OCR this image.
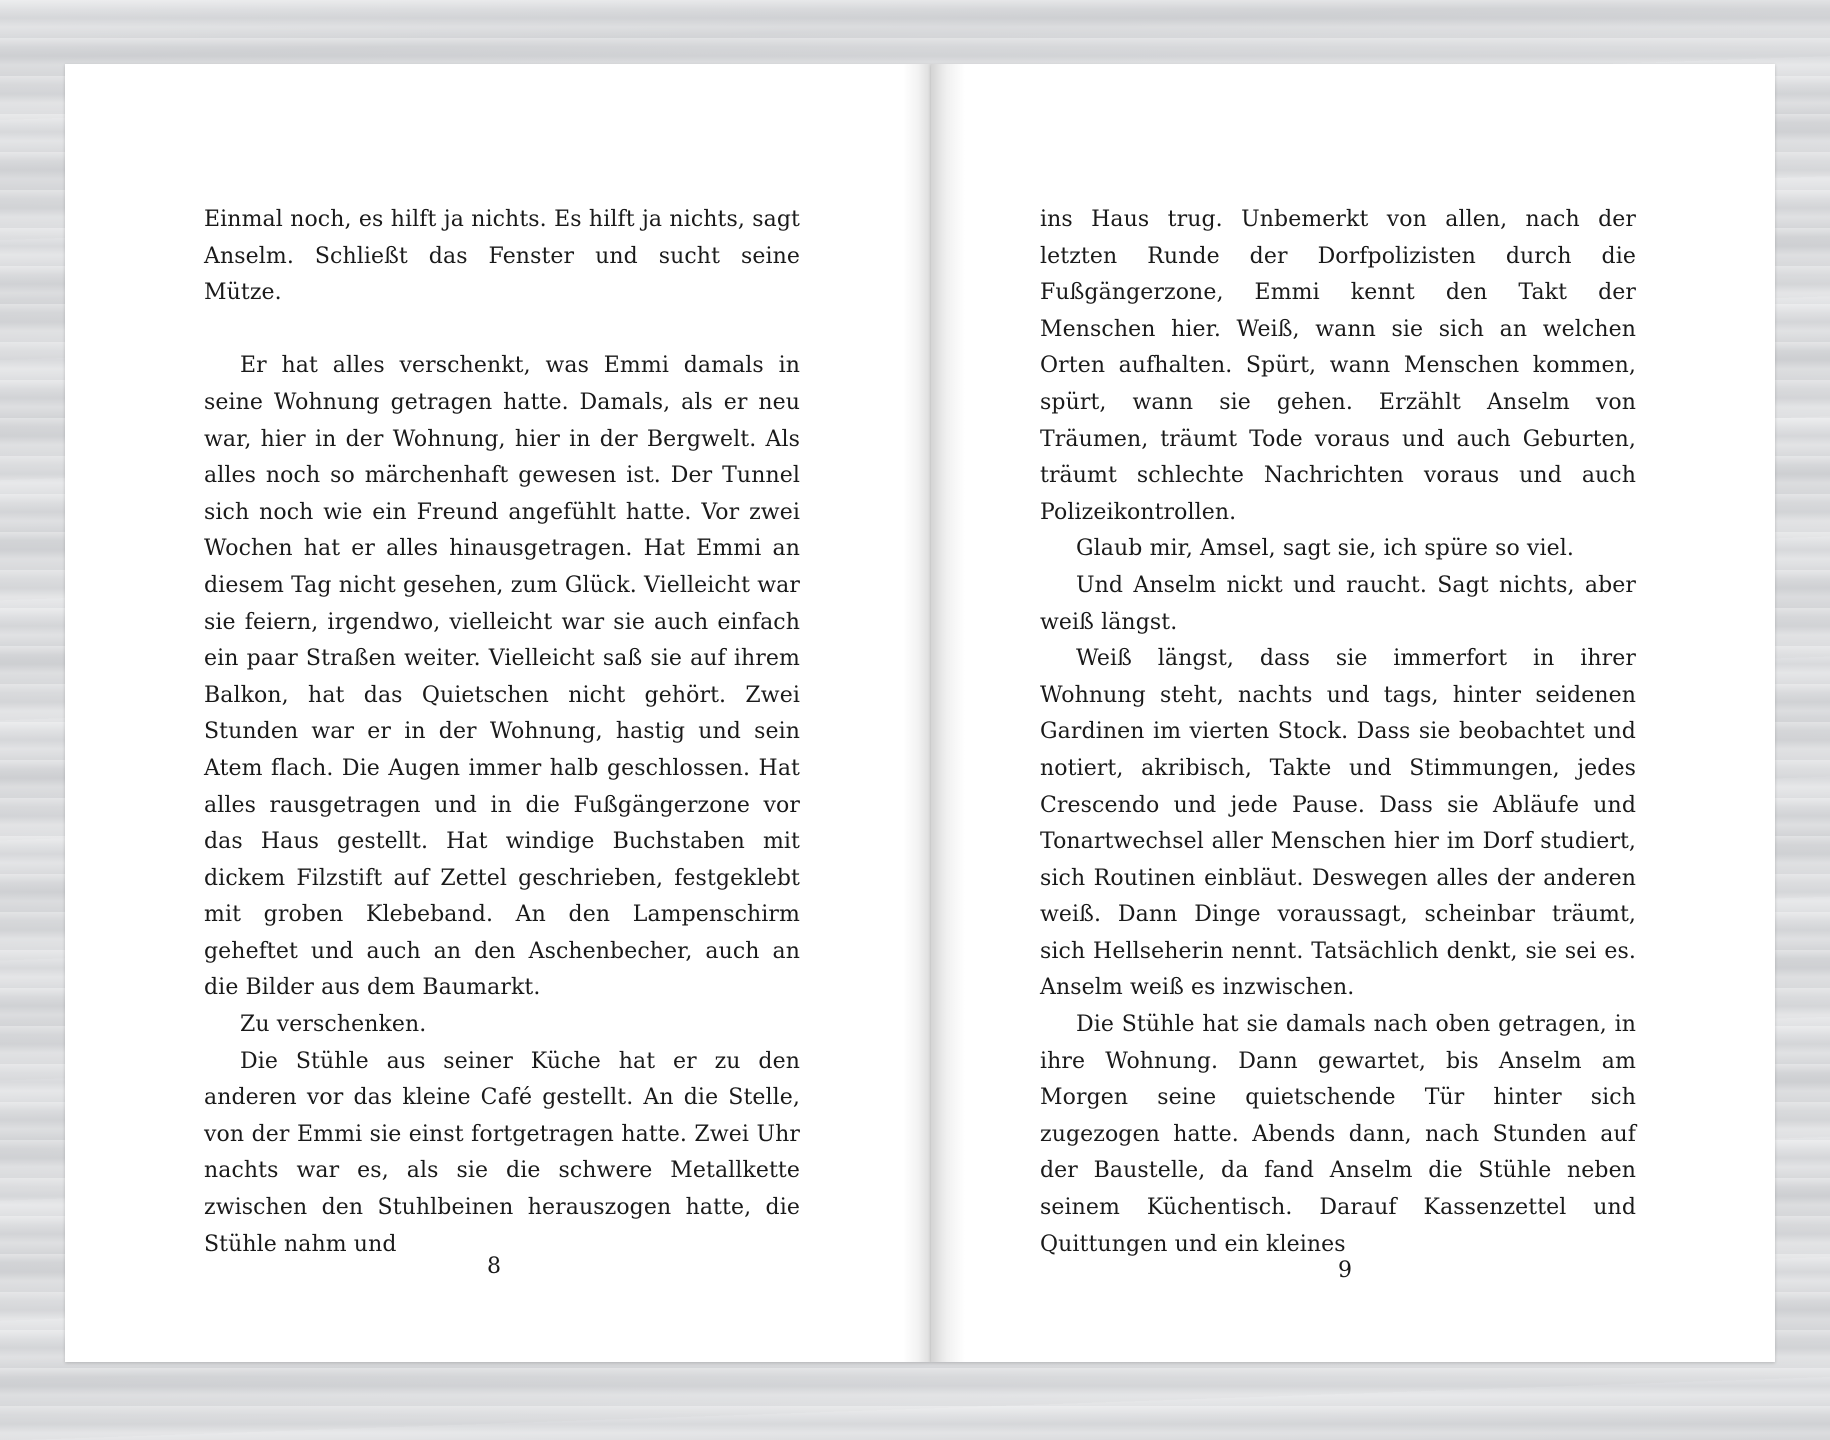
Einmal noch, es hilft ja nichts. Es hilft ja nichts, sagt Anselm. Schließt das Fenster und sucht seine Mütze.

Er hat alles verschenkt, was Emmi damals in seine Wohnung getragen hatte. Damals, als er neu war, hier in der Wohnung, hier in der Bergwelt. Als alles noch so märchenhaft gewesen ist. Der Tunnel sich noch wie ein Freund angefühlt hatte. Vor zwei Wochen hat er alles hinausgetragen. Hat Emmi an diesem Tag nicht gesehen, zum Glück. Vielleicht war sie feiern, irgendwo, vielleicht war sie auch einfach ein paar Straßen weiter. Vielleicht saß sie auf ihrem Balkon, hat das Quietschen nicht gehört. Zwei Stunden war er in der Wohnung, hastig und sein Atem flach. Die Augen immer halb geschlossen. Hat alles rausgetragen und in die Fußgängerzone vor das Haus gestellt. Hat windige Buchstaben mit dickem Filzstift auf Zettel geschrieben, festgeklebt mit groben Klebeband. An den Lampenschirm geheftet und auch an den Aschenbecher, auch an die Bilder aus dem Baumarkt.

Zu verschenken.

Die Stühle aus seiner Küche hat er zu den anderen vor das kleine Café gestellt. An die Stelle, von der Emmi sie einst fortgetragen hatte. Zwei Uhr nachts war es, als sie die schwere Metallkette zwischen den Stuhlbeinen herauszogen hatte, die Stühle nahm und

8

ins Haus trug. Unbemerkt von allen, nach der letzten Runde der Dorfpolizisten durch die Fußgängerzone, Emmi kennt den Takt der Menschen hier. Weiß, wann sie sich an welchen Orten aufhalten. Spürt, wann Menschen kommen, spürt, wann sie gehen. Erzählt Anselm von Träumen, träumt Tode voraus und auch Geburten, träumt schlechte Nachrichten voraus und auch Polizeikontrollen.

Glaub mir, Amsel, sagt sie, ich spüre so viel.

Und Anselm nickt und raucht. Sagt nichts, aber weiß längst.

Weiß längst, dass sie immerfort in ihrer Wohnung steht, nachts und tags, hinter seidenen Gardinen im vierten Stock. Dass sie beobachtet und notiert, akribisch, Takte und Stimmungen, jedes Crescendo und jede Pause. Dass sie Abläufe und Tonartwechsel aller Menschen hier im Dorf studiert, sich Routinen einbläut. Deswegen alles der anderen weiß. Dann Dinge voraussagt, scheinbar träumt, sich Hellseherin nennt. Tatsächlich denkt, sie sei es. Anselm weiß es inzwischen.

Die Stühle hat sie damals nach oben getragen, in ihre Wohnung. Dann gewartet, bis Anselm am Morgen seine quietschende Tür hinter sich zugezogen hatte. Abends dann, nach Stunden auf der Baustelle, da fand Anselm die Stühle neben seinem Küchentisch. Darauf Kassenzettel und Quittungen und ein kleines

9
